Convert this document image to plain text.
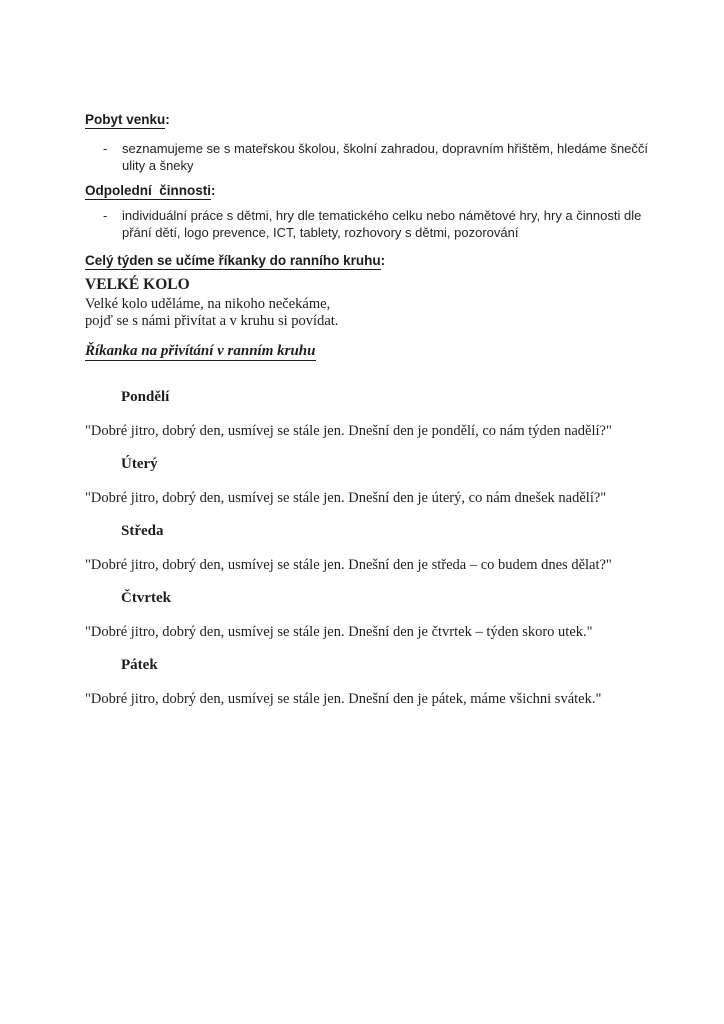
Pobyt venku:
-	seznamujeme se s mateřskou školou, školní zahradou, dopravním hřištěm, hledáme šneččí
ulity a šneky
Odpolední  činnosti:
-	individuální práce s dětmi, hry dle tematického celku nebo námětové hry, hry a činnosti dle
přání dětí, logo prevence, ICT, tablety, rozhovory s dětmi, pozorování
Celý týden se učíme říkanky do ranního kruhu:
VELKÉ KOLO
Velké kolo uděláme, na nikoho nečekáme,
pojď se s námi přivítat a v kruhu si povídat.
Říkanka na přivítání v ranním kruhu
Pondělí
"Dobré jitro, dobrý den, usmívej se stále jen. Dnešní den je pondělí, co nám týden nadělí?"
Úterý
"Dobré jitro, dobrý den, usmívej se stále jen. Dnešní den je úterý, co nám dnešek nadělí?"
Středa
"Dobré jitro, dobrý den, usmívej se stále jen. Dnešní den je středa – co budem dnes dělat?"
Čtvrtek
"Dobré jitro, dobrý den, usmívej se stále jen. Dnešní den je čtvrtek – týden skoro utek."
Pátek
"Dobré jitro, dobrý den, usmívej se stále jen. Dnešní den je pátek, máme všichni svátek."
